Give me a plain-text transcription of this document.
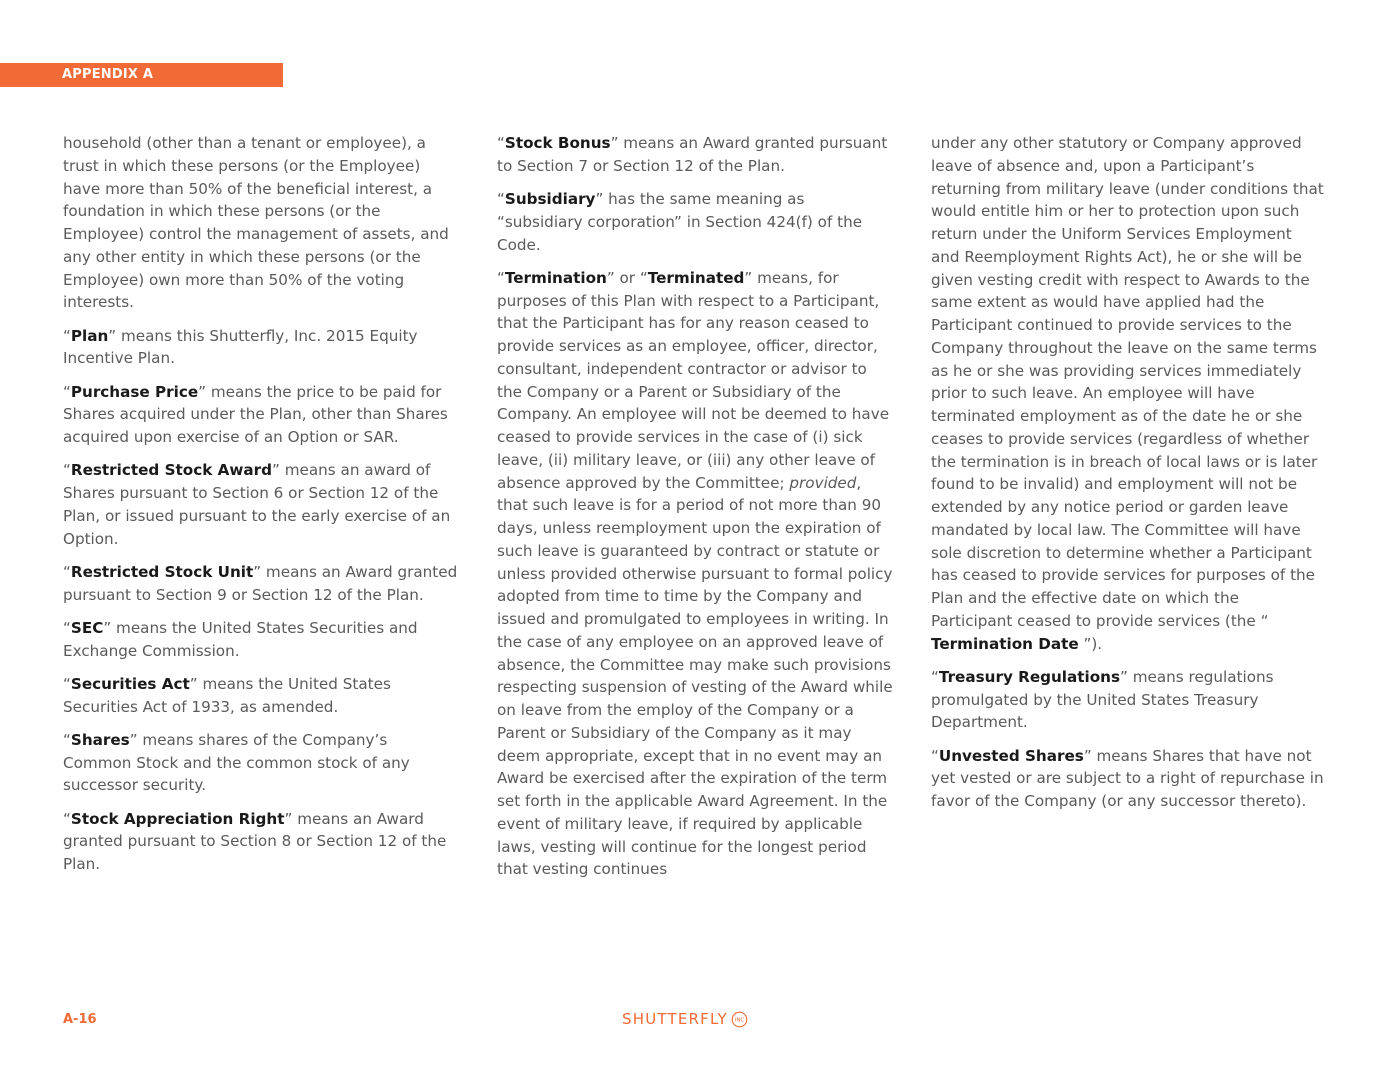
APPENDIX A

household (other than a tenant or employee), a trust in which these persons (or the Employee) have more than 50% of the beneficial interest, a foundation in which these persons (or the Employee) control the management of assets, and any other entity in which these persons (or the Employee) own more than 50% of the voting interests.

“Plan” means this Shutterfly, Inc. 2015 Equity Incentive Plan.

“Purchase Price” means the price to be paid for Shares acquired under the Plan, other than Shares acquired upon exercise of an Option or SAR.

“Restricted Stock Award” means an award of Shares pursuant to Section 6 or Section 12 of the Plan, or issued pursuant to the early exercise of an Option.

“Restricted Stock Unit” means an Award granted pursuant to Section 9 or Section 12 of the Plan.

“SEC” means the United States Securities and Exchange Commission.

“Securities Act” means the United States Securities Act of 1933, as amended.

“Shares” means shares of the Company’s Common Stock and the common stock of any successor security.

“Stock Appreciation Right” means an Award granted pursuant to Section 8 or Section 12 of the Plan.

“Stock Bonus” means an Award granted pursuant to Section 7 or Section 12 of the Plan.

“Subsidiary” has the same meaning as “subsidiary corporation” in Section 424(f) of the Code.

“Termination” or “Terminated” means, for purposes of this Plan with respect to a Participant, that the Participant has for any reason ceased to provide services as an employee, officer, director, consultant, independent contractor or advisor to the Company or a Parent or Subsidiary of the Company. An employee will not be deemed to have ceased to provide services in the case of (i) sick leave, (ii) military leave, or (iii) any other leave of absence approved by the Committee; provided, that such leave is for a period of not more than 90 days, unless reemployment upon the expiration of such leave is guaranteed by contract or statute or unless provided otherwise pursuant to formal policy adopted from time to time by the Company and issued and promulgated to employees in writing. In the case of any employee on an approved leave of absence, the Committee may make such provisions respecting suspension of vesting of the Award while on leave from the employ of the Company or a Parent or Subsidiary of the Company as it may deem appropriate, except that in no event may an Award be exercised after the expiration of the term set forth in the applicable Award Agreement. In the event of military leave, if required by applicable laws, vesting will continue for the longest period that vesting continues

under any other statutory or Company approved leave of absence and, upon a Participant’s returning from military leave (under conditions that would entitle him or her to protection upon such return under the Uniform Services Employment and Reemployment Rights Act), he or she will be given vesting credit with respect to Awards to the same extent as would have applied had the Participant continued to provide services to the Company throughout the leave on the same terms as he or she was providing services immediately prior to such leave. An employee will have terminated employment as of the date he or she ceases to provide services (regardless of whether the termination is in breach of local laws or is later found to be invalid) and employment will not be extended by any notice period or garden leave mandated by local law. The Committee will have sole discretion to determine whether a Participant has ceased to provide services for purposes of the Plan and the effective date on which the Participant ceased to provide services (the “ Termination Date ”).

“Treasury Regulations” means regulations promulgated by the United States Treasury Department.

“Unvested Shares” means Shares that have not yet vested or are subject to a right of repurchase in favor of the Company (or any successor thereto).

A-16	SHUTTERFLY INC
